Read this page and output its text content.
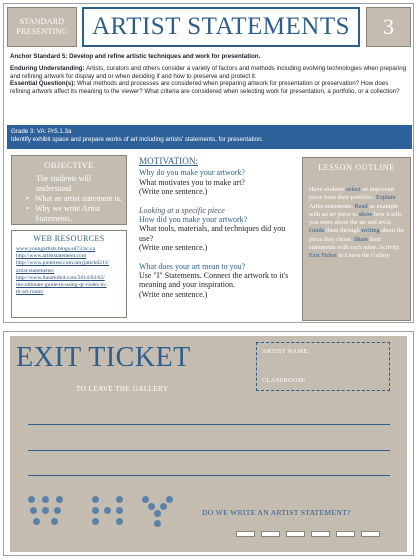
STANDARD
PRESENTING ARTIST STATEMENTS	3
Anchor Standard 5: Develop and refine artistic techniques and work for presentation.
Enduring Understanding: Artists, curators and others consider a variety of factors and methods including evolving technologies when preparing and refining artwork for display and or when deciding if and how to preserve and protect it.
Essential Question(s): What methods and processes are considered when preparing artwork for presentation or preservation? How does refining artwork affect its meaning to the viewer? What criteria are considered when selecting work for presentation, a portfolio, or a collection?
Grade 3: VA: Pr5.1.3a
Identify exhibit space and prepare works of art including artists' statements, for presentation.
OBJECTIVE
The students will understand
• What an artist statement is.
• Why we write Artist Statements.
WEB RESOURCES
www.youngartists.blogs.sd73.bc.ca
http://www.artiststatement.com
http://www.pinterest.com/amyjatick0211/
artist-statements/
http://www.theartofed.com/2014/04/02/
the-ultimate-guide-to-using-qr-codes-in-
th-art-room/
MOTIVATION:
Why do you make your artwork?
What motivates you to make art?
(Write one sentence.)
Looking at a specific piece
How did you make your artwork?
What tools, materials, and techniques did you use?
(Write one sentence.)
What does your art mean to you?
Use "I" Statements. Connect the artwork to it's meaning and your inspiration.
(Write one sentence.)
LESSON OUTLINE
Have students select an important piece from their portfolio. Explain Artist statements. Read an example with an art piece to show how it tells you more about the art and artist. Guide them through writing about the piece they chose. Share their statements with each other. Activity: Exit Ticket to Leave the Gallery
EXIT TICKET
TO LEAVE THE GALLERY
ARTIST NAME:
CLASSROOM:
DO WE WRITE AN ARTIST STATEMENT?
